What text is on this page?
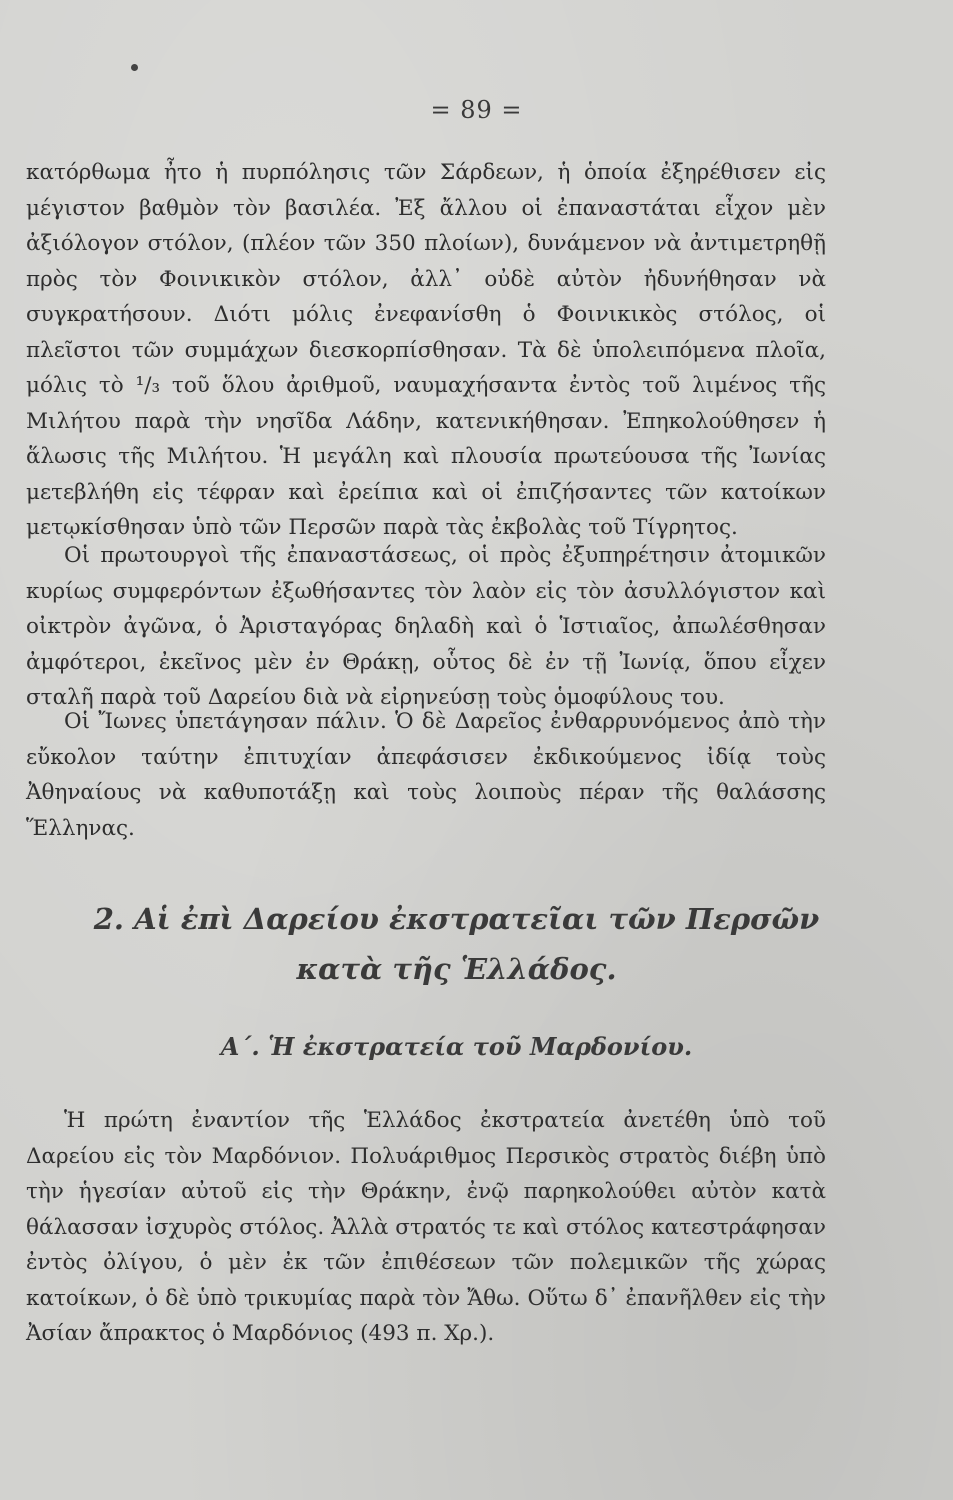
= 89 =

κατόρθωμα ἦτο ἡ πυρπόλησις τῶν Σάρδεων, ἡ ὁποία ἐξηρέθισεν εἰς μέγιστον βαθμὸν τὸν βασιλέα. Ἐξ ἄλλου οἱ ἐπαναστάται εἶχον μὲν ἀξιόλογον στόλον, (πλέον τῶν 350 πλοίων), δυνάμενον νὰ ἀντιμετρηθῇ πρὸς τὸν Φοινικικὸν στόλον, ἀλλ᾽ οὐδὲ αὐτὸν ἠδυνήθησαν νὰ συγκρατήσουν. Διότι μόλις ἐνεφανίσθη ὁ Φοινικικὸς στόλος, οἱ πλεῖστοι τῶν συμμάχων διεσκορπίσθησαν. Τὰ δὲ ὑπολειπόμενα πλοῖα, μόλις τὸ ¹/₃ τοῦ ὅλου ἀριθμοῦ, ναυμαχήσαντα ἐντὸς τοῦ λιμένος τῆς Μιλήτου παρὰ τὴν νησῖδα Λάδην, κατενικήθησαν. Ἐπηκολούθησεν ἡ ἅλωσις τῆς Μιλήτου. Ἡ μεγάλη καὶ πλουσία πρωτεύουσα τῆς Ἰωνίας μετεβλήθη εἰς τέφραν καὶ ἐρείπια καὶ οἱ ἐπιζήσαντες τῶν κατοίκων μετῳκίσθησαν ὑπὸ τῶν Περσῶν παρὰ τὰς ἐκβολὰς τοῦ Τίγρητος.

Οἱ πρωτουργοὶ τῆς ἐπαναστάσεως, οἱ πρὸς ἐξυπηρέτησιν ἀτομικῶν κυρίως συμφερόντων ἐξωθήσαντες τὸν λαὸν εἰς τὸν ἀσυλλόγιστον καὶ οἰκτρὸν ἀγῶνα, ὁ Ἀρισταγόρας δηλαδὴ καὶ ὁ Ἱστιαῖος, ἀπωλέσθησαν ἀμφότεροι, ἐκεῖνος μὲν ἐν Θράκῃ, οὗτος δὲ ἐν τῇ Ἰωνίᾳ, ὅπου εἶχεν σταλῆ παρὰ τοῦ Δαρείου διὰ νὰ εἰρηνεύσῃ τοὺς ὁμοφύλους του.

Οἱ Ἴωνες ὑπετάγησαν πάλιν. Ὁ δὲ Δαρεῖος ἐνθαρρυνόμενος ἀπὸ τὴν εὔκολον ταύτην ἐπιτυχίαν ἀπεφάσισεν ἐκδικούμενος ἰδίᾳ τοὺς Ἀθηναίους νὰ καθυποτάξῃ καὶ τοὺς λοιποὺς πέραν τῆς θαλάσσης Ἕλληνας.

2. Αἱ ἐπὶ Δαρείου ἐκστρατεῖαι τῶν Περσῶν
κατὰ τῆς Ἑλλάδος.
Α΄. Ἡ ἐκστρατεία τοῦ Μαρδονίου.

Ἡ πρώτη ἐναντίον τῆς Ἑλλάδος ἐκστρατεία ἀνετέθη ὑπὸ τοῦ Δαρείου εἰς τὸν Μαρδόνιον. Πολυάριθμος Περσικὸς στρατὸς διέβη ὑπὸ τὴν ἡγεσίαν αὐτοῦ εἰς τὴν Θράκην, ἐνῷ παρηκολούθει αὐτὸν κατὰ θάλασσαν ἰσχυρὸς στόλος. Ἀλλὰ στρατός τε καὶ στόλος κατεστράφησαν ἐντὸς ὀλίγου, ὁ μὲν ἐκ τῶν ἐπιθέσεων τῶν πολεμικῶν τῆς χώρας κατοίκων, ὁ δὲ ὑπὸ τρικυμίας παρὰ τὸν Ἄθω. Οὕτω δ᾽ ἐπανῆλθεν εἰς τὴν Ἀσίαν ἄπρακτος ὁ Μαρδόνιος (493 π. Χρ.).
